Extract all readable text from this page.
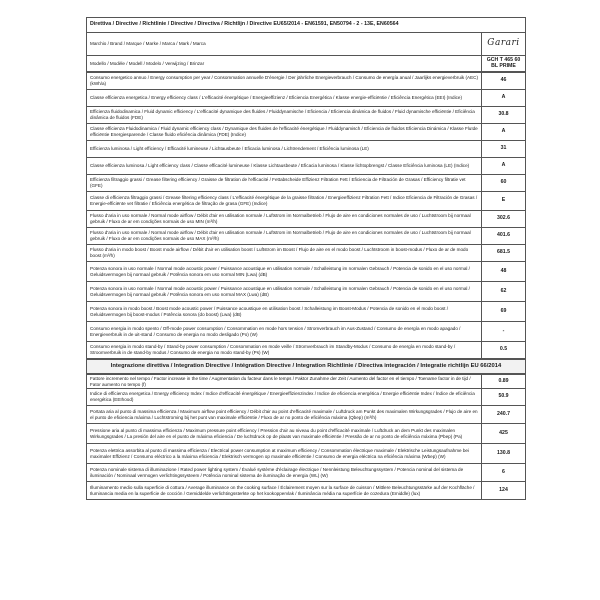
Direttiva / Directive / Richtlinie / Directive / Directiva / Richtlijn / Directive EU65/2014 - EN61591, EN50794 - 2 - 13E, EN60564	
Marchio / Brand / Marque / Marke / Marca / Mark / Marca	Garari
Modello / Modèle / Modell / Modelo / Verwijzing / Brinzar	GCH T 465 60 BL PRIME
Consumo energetico annuo / Energy consumption per year / Consommation annuelle D'énergie / Der jährliche Energieverbrauch / Consumo de energía anual / Jaarlijks energieverbruik (AEC) (kWh/a)	46
Classe efficienza energetica / Energy efficiency class / L'efficacité énergétique / Energieeffizienz / Eficiencia Energética / Klasse energie-efficiëntie / Eficiência Energética (EEI) (Indice)	A
Efficienza fluidodinamica / Fluid dynamic efficiency / L'efficacité dynamique des fluides / Fluiddynamische / Eficiencia / Eficiencia dinámica de fluidos / Fluid dynamische efficiëntie / Eficiência dinâmica de fluidos (FDE)	30.8
Classe efficienza Fluidodinamica / Fluid dynamic efficiency class / Dynamique des fluides de l'efficacité énergétique / Fluiddynamisch / Eficiencia de fluidos Eficiencia Dinámica / Klasse Fluïde efficiëntie Energiesparende / Classe fluido eficiência dinâmica (FDE) (Indice)	A
Efficienza luminosa / Light efficiency / Efficacité lumineuse / Lichtausbeute / Eficacia luminosa / Lichtrendement / Eficiência luminosa (LE)	31
Classe efficienza luminosa / Light efficiency class / Classe efficacité lumineuse / Klasse Lichtausbeute / Eficacia luminosa / Klasse lichtopbrengst / Classe Eficiência luminosa (LE) (Indice)	A
Efficienza filtraggio grassi / Grease filtering efficiency / Graisse de filtration de l'efficacité / Fettabscheide Effizienz Filtration Fett / Eficiencia de Filtración de Grasas / Efficiency filtratie vet (GFE)	60
Classe di efficienza filtraggio grassi / Grease filtering efficiency class / L'efficacité énergétique de la graisse filtration / Energieeffizienz Filtration Fett / Indice Eficiencia de Filtración de Grasas / Energie-efficiënte vet filtratie / Eficiência energética de filtração de grasa (GFE) (Indice)	E
Flusso d'aria in uso normale / Normal mode airflow / Débit d'air en utilisation normale / Luftstrom im Normalbetrieb / Flujo de aire en condiciones normales de uso / Luchtstroom bij normaal gebruik / Fluxo de ar em condições normais de uso MIN (m³/h)	302.6
Flusso d'aria in uso normale / Normal mode airflow / Débit d'air en utilisation normale / Luftstrom im Normalbetrieb / Flujo de aire en condiciones normales de uso / Luchtstroom bij normaal gebruik / Fluxo de ar em condições normais de uso MAX (m³/h)	401.6
Flusso d'aria in modo boost / Boost mode airflow / Débit d'air en utilisation boost / Luftstrom im Boost / Flujo de aire en el modo boost / Luchtstroom in boost-modus / Fluxo de ar de modo boost (m³/h)	681.5
Potenza sonora in uso normale / Normal mode acoustic power / Puissance acoustique en utilisation normale / Schalleistung im normalen Gebrauch / Potencia de sonido en el uso normal / Geluidsvermogen bij normaal gebruik / Potência sonora em uso normal MIN (Lwa) (dB)	48
Potenza sonora in uso normale / Normal mode acoustic power / Puissance acoustique en utilisation normale / Schalleistung im normalen Gebrauch / Potencia de sonido en el uso normal / Geluidsvermogen bij normaal gebruik / Potência sonora em uso normal MAX (Lwa) (dB)	62
Potenza sonora in modo boost / Boost mode acoustic power / Puissance acoustique en utilisation boost / Schalleistung im Boost-Modus / Potencia de sonido en el modo boost / Geluidsvermogen bij boost-modus / Potência sonora (do boost) (Lwa) (dB)	69
Consumo energia in modo spento / Off-mode power consumption / Consommation en mode hors tension / Stromverbrauch im Aus-Zustand / Consumo de energía en modo apagado / Energieverbruik in de uit-stand / Consumo de energia no modo desligado (Po) (W)	-
Consumo energia in modo stand-by / Stand-by power consumption / Consommation en mode veille / Stromverbrauch im Standby-Modus / Consumo de energía en modo stand-by / Stroomverbruik in de stand-by modus / Consumo de energia no modo stand-by (Ps) (W)	0.5
Integrazione direttiva / Integration Directive / Intégration Directive / Integration Richtlinie / Directiva integración / Integratie richtlijn EU 66/2014
Fattore incremento nel tempo / Factor increase in the time / Augmentation du facteur dans le temps / Faktor Zunahme der Zeit / Aumento del factor en el tiempo / Toename factor in de tijd / Fator aumento no tempo (f)	0.89
Indice di efficienza energetica / Energy efficiency Index / Indice d'efficacité énergétique / Energieeffizienzindex / Indice de eficiencia energética / Energie efficiëntie Index / Índice de eficiência energética (EEIhood)	50.9
Portata aria al punto di massima efficienza / Maximum airflow point efficiency / Débit d'air au point d'efficacité maximale / Luftdruck am Punkt des maximalen Wirkungsgrades / Flujo de aire en el punto de eficiencia máxima / Luchtstroming bij het punt van maximale efficiëntie / Fluxo de ar no ponto de eficiência máxima (Qbep) (m³/h)	240.7
Pressione aria al punto di massima efficienza / Maximum pressure point efficiency / Pression d'air au niveau du point d'efficacité maximale / Luftdruck an dem Punkt des maximalen Wirkungsgrades / La presión del aire en el punto de máxima eficiencia / De luchtdruck op de plaats van maximale efficiëntie / Pressão de ar no ponto de eficiência máxima (Pbep) (Pa)	425
Potenza elettrica assorbita al punto di massima efficienza / Electrical power consumption at maximum efficiency / Consommation électrique maximale / Elektrische Leistungsaufnahme bei maximaler Effizienz / Consumo eléctrico a la máxima eficiencia / Elektrisch vermogen op maximale efficiëntie / Consumo de energia eléctrica na eficiência máxima (Wbep) (W)	130.8
Potenza nominale sistema di illuminazione / Rated power lighting system / Évalué système d'éclairage électrique / Nennleistung Beleuchtungssystem / Potencia nominal del sistema de iluminación / Nominaal vermogen verlichtingssysteem / Potência nominal sistema de iluminação de energia (WL) (W)	6
Illuminamento medio sulla superficie di cottura / Average illuminance on the cooking surface / Éclairement moyen sur la surface de cuisson / Mittlere Beleuchtungsstärke auf der Kochfläche / Iluminancia media en la superficie de cocción / Gemiddelde verlichtingssterkte op het kookoppervlak / Iluminância média na superfície de cozedura (Emiddle) (lux)	124
